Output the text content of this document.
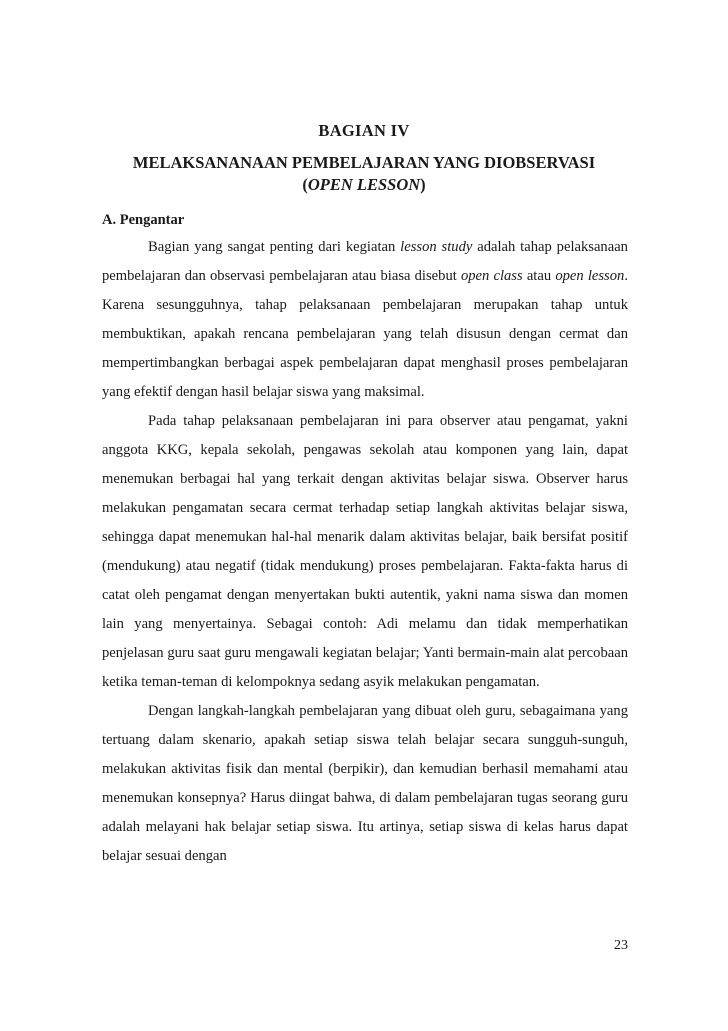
BAGIAN IV
MELAKSANANAAN PEMBELAJARAN YANG DIOBSERVASI
(OPEN LESSON)
A. Pengantar

Bagian yang sangat penting dari kegiatan lesson study adalah tahap pelaksanaan pembelajaran dan observasi pembelajaran atau biasa disebut open class atau open lesson. Karena sesungguhnya, tahap pelaksanaan pembelajaran merupakan tahap untuk membuktikan, apakah rencana pembelajaran yang telah disusun dengan cermat dan mempertimbangkan berbagai aspek pembelajaran dapat menghasil proses pembelajaran yang efektif dengan hasil belajar siswa yang maksimal.

Pada tahap pelaksanaan pembelajaran ini para observer atau pengamat, yakni anggota KKG, kepala sekolah, pengawas sekolah atau komponen yang lain, dapat menemukan berbagai hal yang terkait dengan aktivitas belajar siswa. Observer harus melakukan pengamatan secara cermat terhadap setiap langkah aktivitas belajar siswa, sehingga dapat menemukan hal-hal menarik dalam aktivitas belajar, baik bersifat positif (mendukung) atau negatif (tidak mendukung) proses pembelajaran. Fakta-fakta harus di catat oleh pengamat dengan menyertakan bukti autentik, yakni nama siswa dan momen lain yang menyertainya. Sebagai contoh: Adi melamu dan tidak memperhatikan penjelasan guru saat guru mengawali kegiatan belajar; Yanti bermain-main alat percobaan ketika teman-teman di kelompoknya sedang asyik melakukan pengamatan.

Dengan langkah-langkah pembelajaran yang dibuat oleh guru, sebagaimana yang tertuang dalam skenario, apakah setiap siswa telah belajar secara sungguh-sunguh, melakukan aktivitas fisik dan mental (berpikir), dan kemudian berhasil memahami atau menemukan konsepnya? Harus diingat bahwa, di dalam pembelajaran tugas seorang guru adalah melayani hak belajar setiap siswa. Itu artinya, setiap siswa di kelas harus dapat belajar sesuai dengan

23
